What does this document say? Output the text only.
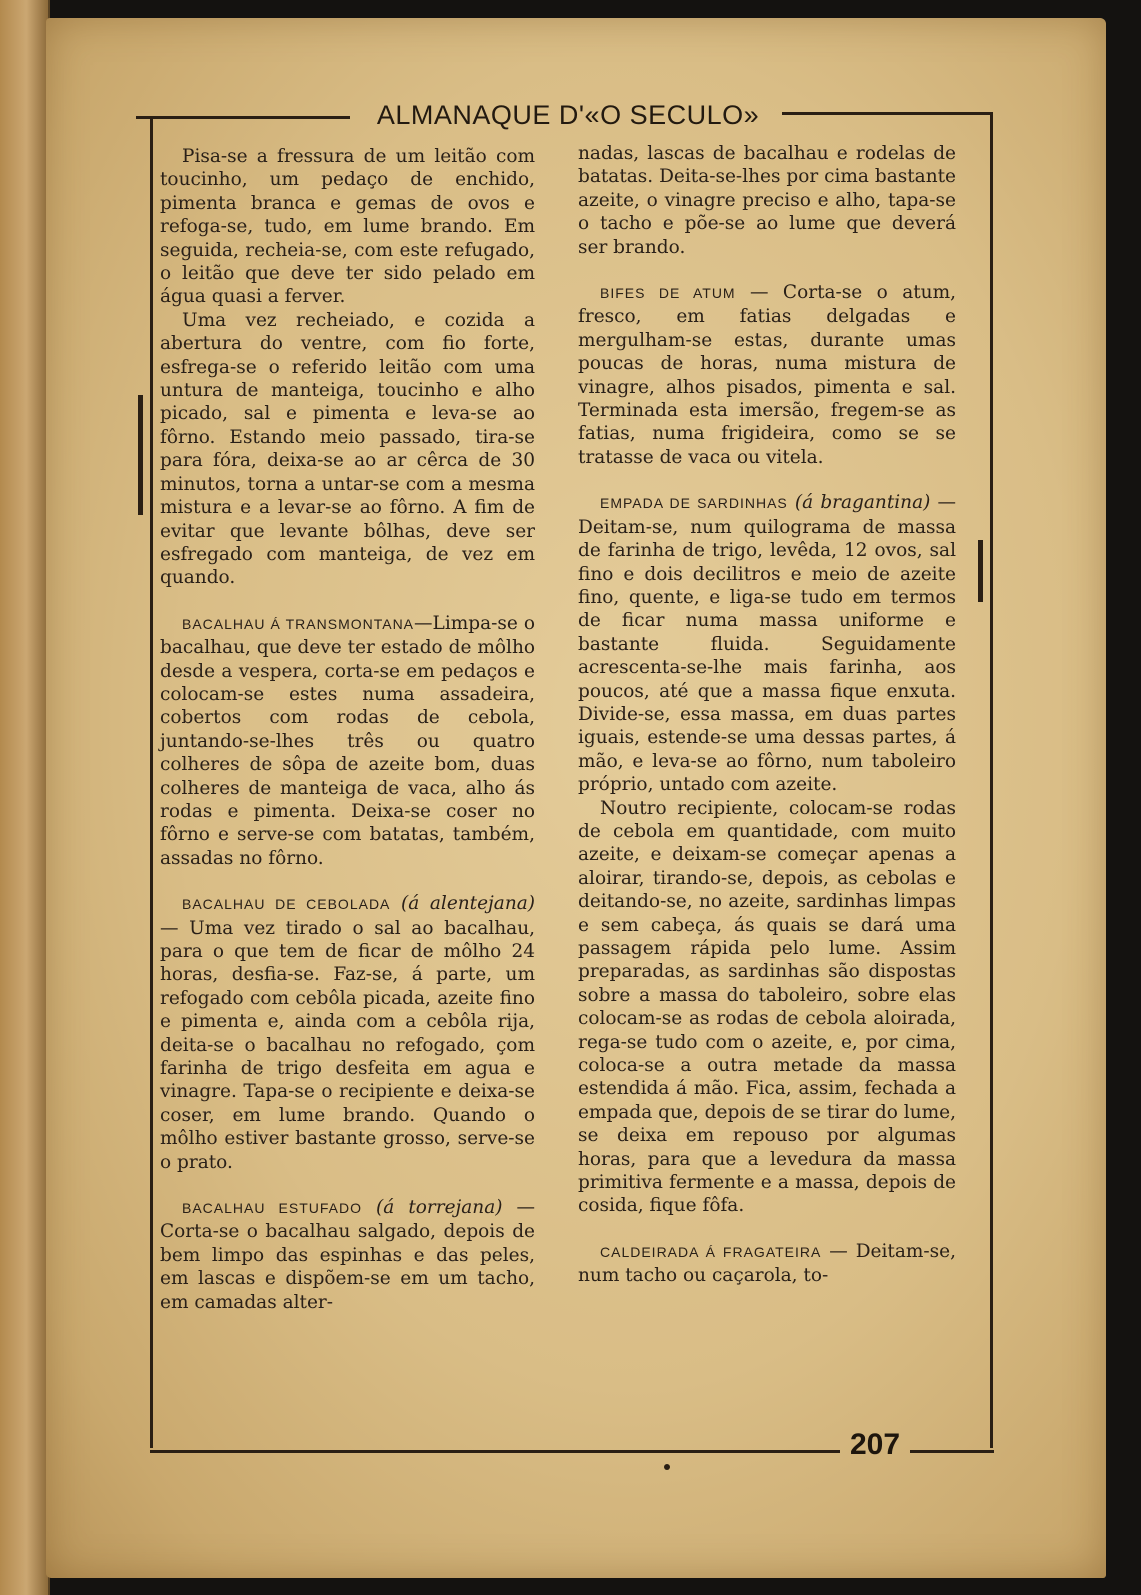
ALMANAQUE D'«O SECULO»

Pisa-se a fressura de um leitão com toucinho, um pedaço de enchido, pimenta branca e gemas de ovos e refoga-se, tudo, em lume brando. Em seguida, recheia-se, com este refugado, o leitão que deve ter sido pelado em água quasi a ferver.

Uma vez recheiado, e cozida a abertura do ventre, com fio forte, esfrega-se o referido leitão com uma untura de manteiga, toucinho e alho picado, sal e pimenta e leva-se ao fôrno. Estando meio passado, tira-se para fóra, deixa-se ao ar cêrca de 30 minutos, torna a untar-se com a mesma mistura e a levar-se ao fôrno. A fim de evitar que levante bôlhas, deve ser esfregado com manteiga, de vez em quando.

BACALHAU Á TRANSMONTANA—Limpa-se o bacalhau, que deve ter estado de môlho desde a vespera, corta-se em pedaços e colocam-se estes numa assadeira, cobertos com rodas de cebola, juntando-se-lhes três ou quatro colheres de sôpa de azeite bom, duas colheres de manteiga de vaca, alho ás rodas e pimenta. Deixa-se coser no fôrno e serve-se com batatas, também, assadas no fôrno.

BACALHAU DE CEBOLADA (á alentejana) — Uma vez tirado o sal ao bacalhau, para o que tem de ficar de môlho 24 horas, desfia-se. Faz-se, á parte, um refogado com cebôla picada, azeite fino e pimenta e, ainda com a cebôla rija, deita-se o bacalhau no refogado, çom farinha de trigo desfeita em agua e vinagre. Tapa-se o recipiente e deixa-se coser, em lume brando. Quando o môlho estiver bastante grosso, serve-se o prato.

BACALHAU ESTUFADO (á torrejana) — Corta-se o bacalhau salgado, depois de bem limpo das espinhas e das peles, em lascas e dispõem-se em um tacho, em camadas alter-

nadas, lascas de bacalhau e rodelas de batatas. Deita-se-lhes por cima bastante azeite, o vinagre preciso e alho, tapa-se o tacho e põe-se ao lume que deverá ser brando.

BIFES DE ATUM — Corta-se o atum, fresco, em fatias delgadas e mergulham-se estas, durante umas poucas de horas, numa mistura de vinagre, alhos pisados, pimenta e sal. Terminada esta imersão, fregem-se as fatias, numa frigideira, como se se tratasse de vaca ou vitela.

EMPADA DE SARDINHAS (á bragantina) — Deitam-se, num quilograma de massa de farinha de trigo, levêda, 12 ovos, sal fino e dois decilitros e meio de azeite fino, quente, e liga-se tudo em termos de ficar numa massa uniforme e bastante fluida. Seguidamente acrescenta-se-lhe mais farinha, aos poucos, até que a massa fique enxuta. Divide-se, essa massa, em duas partes iguais, estende-se uma dessas partes, á mão, e leva-se ao fôrno, num taboleiro próprio, untado com azeite.

Noutro recipiente, colocam-se rodas de cebola em quantidade, com muito azeite, e deixam-se começar apenas a aloirar, tirando-se, depois, as cebolas e deitando-se, no azeite, sardinhas limpas e sem cabeça, ás quais se dará uma passagem rápida pelo lume. Assim preparadas, as sardinhas são dispostas sobre a massa do taboleiro, sobre elas colocam-se as rodas de cebola aloirada, rega-se tudo com o azeite, e, por cima, coloca-se a outra metade da massa estendida á mão. Fica, assim, fechada a empada que, depois de se tirar do lume, se deixa em repouso por algumas horas, para que a levedura da massa primitiva fermente e a massa, depois de cosida, fique fôfa.

CALDEIRADA Á FRAGATEIRA — Deitam-se, num tacho ou caçarola, to-

207
